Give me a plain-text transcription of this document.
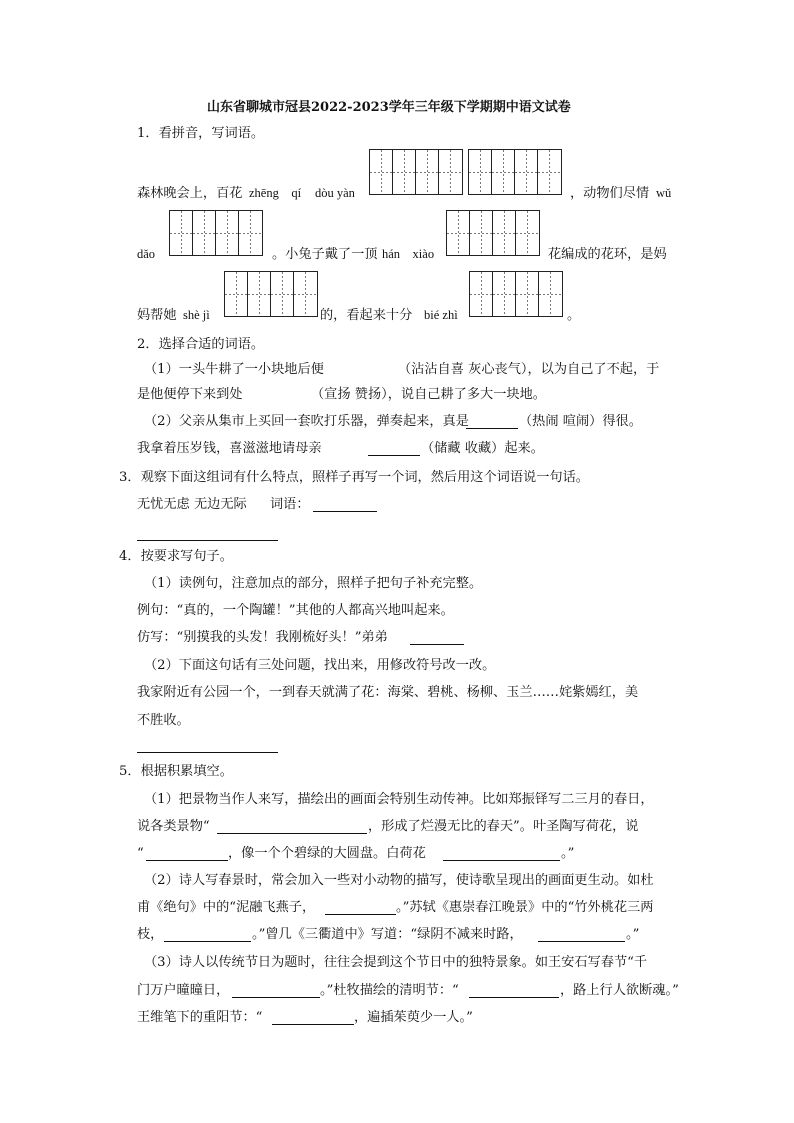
山东省聊城市冠县2022-2023学年三年级下学期期中语文试卷
1．看拼音，写词语。
森林晚会上，百花 zhēng　qí dòu yàn	，动物们尽情 wǔ
dǎo	。小兔子戴了一顶 hán　xiào	花编成的花环，是妈
妈帮她 shè jì	的，看起来十分 bié zhì	。
2．选择合适的词语。
（1）一头牛耕了一小块地后便	（沾沾自喜 灰心丧气），以为自己了不起，于
是他便停下来到处	（宣扬 赞扬），说自己耕了多大一块地。
（2）父亲从集市上买回一套吹打乐器，弹奏起来，真是	（热闹 喧闹）得很。
我拿着压岁钱，喜滋滋地请母亲	（储藏 收藏）起来。
3．观察下面这组词有什么特点，照样子再写一个词，然后用这个词语说一句话。
无忧无虑 无边无际 词语：
4．按要求写句子。
（1）读例句，注意加点的部分，照样子把句子补充完整。
例句：“真的，一个陶罐！”其他的人都高兴地叫起来。
仿写：“别摸我的头发！我刚梳好头！”弟弟
（2）下面这句话有三处问题，找出来，用修改符号改一改。
我家附近有公园一个，一到春天就满了花：海棠、碧桃、杨柳、玉兰……姹紫嫣红，美
不胜收。
5．根据积累填空。
（1）把景物当作人来写，描绘出的画面会特别生动传神。比如郑振铎写二三月的春日，
说各类景物“	，形成了烂漫无比的春天”。叶圣陶写荷花，说
“	，像一个个碧绿的大圆盘。白荷花	。”
（2）诗人写春景时，常会加入一些对小动物的描写，使诗歌呈现出的画面更生动。如杜
甫《绝句》中的“泥融飞燕子，	。”苏轼《惠崇春江晚景》中的“竹外桃花三两
枝，	。”曾几《三衢道中》写道：“绿阴不减来时路，	。”
（3）诗人以传统节日为题时，往往会提到这个节日中的独特景象。如王安石写春节“千
门万户曈曈日，	。”杜牧描绘的清明节：“	，路上行人欲断魂。”
王维笔下的重阳节：“	，遍插茱萸少一人。”
